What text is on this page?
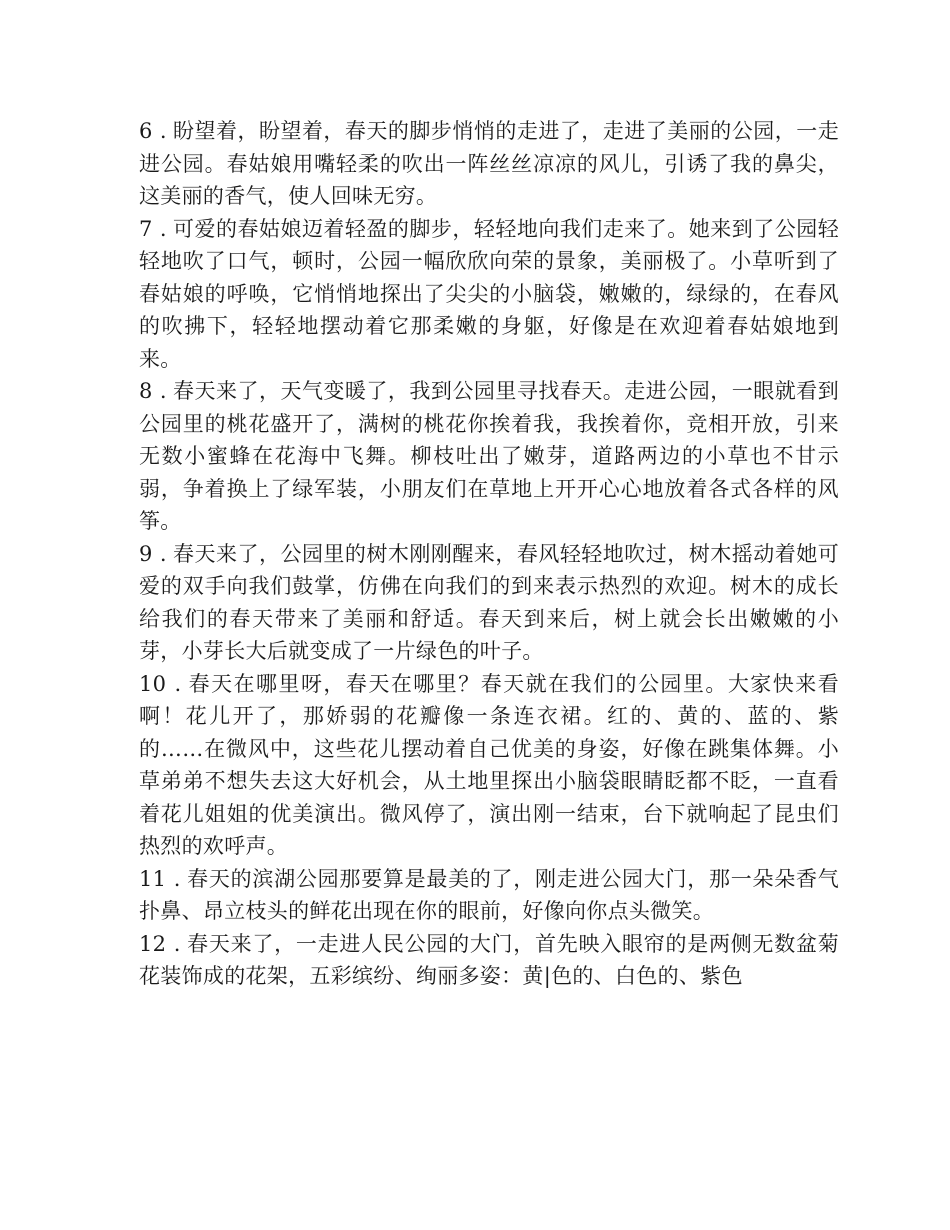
6 . 盼望着，盼望着，春天的脚步悄悄的走进了，走进了美丽的公园，一走进公园。春姑娘用嘴轻柔的吹出一阵丝丝凉凉的风儿，引诱了我的鼻尖，这美丽的香气，使人回味无穷。

7 . 可爱的春姑娘迈着轻盈的脚步，轻轻地向我们走来了。她来到了公园轻轻地吹了口气，顿时，公园一幅欣欣向荣的景象，美丽极了。小草听到了春姑娘的呼唤，它悄悄地探出了尖尖的小脑袋，嫩嫩的，绿绿的，在春风的吹拂下，轻轻地摆动着它那柔嫩的身躯，好像是在欢迎着春姑娘地到来。

8 . 春天来了，天气变暖了，我到公园里寻找春天。走进公园，一眼就看到公园里的桃花盛开了，满树的桃花你挨着我，我挨着你，竞相开放，引来无数小蜜蜂在花海中飞舞。柳枝吐出了嫩芽，道路两边的小草也不甘示弱，争着换上了绿军装，小朋友们在草地上开开心心地放着各式各样的风筝。

9 . 春天来了，公园里的树木刚刚醒来，春风轻轻地吹过，树木摇动着她可爱的双手向我们鼓掌，仿佛在向我们的到来表示热烈的欢迎。树木的成长给我们的春天带来了美丽和舒适。春天到来后，树上就会长出嫩嫩的小芽，小芽长大后就变成了一片绿色的叶子。

10 . 春天在哪里呀，春天在哪里？春天就在我们的公园里。大家快来看啊！花儿开了，那娇弱的花瓣像一条连衣裙。红的、黄的、蓝的、紫的……在微风中，这些花儿摆动着自己优美的身姿，好像在跳集体舞。小草弟弟不想失去这大好机会，从土地里探出小脑袋眼睛眨都不眨，一直看着花儿姐姐的优美演出。微风停了，演出刚一结束，台下就响起了昆虫们热烈的欢呼声。

11 . 春天的滨湖公园那要算是最美的了，刚走进公园大门，那一朵朵香气扑鼻、昂立枝头的鲜花出现在你的眼前，好像向你点头微笑。

12 . 春天来了，一走进人民公园的大门，首先映入眼帘的是两侧无数盆菊花装饰成的花架，五彩缤纷、绚丽多姿：黄|色的、白色的、紫色
